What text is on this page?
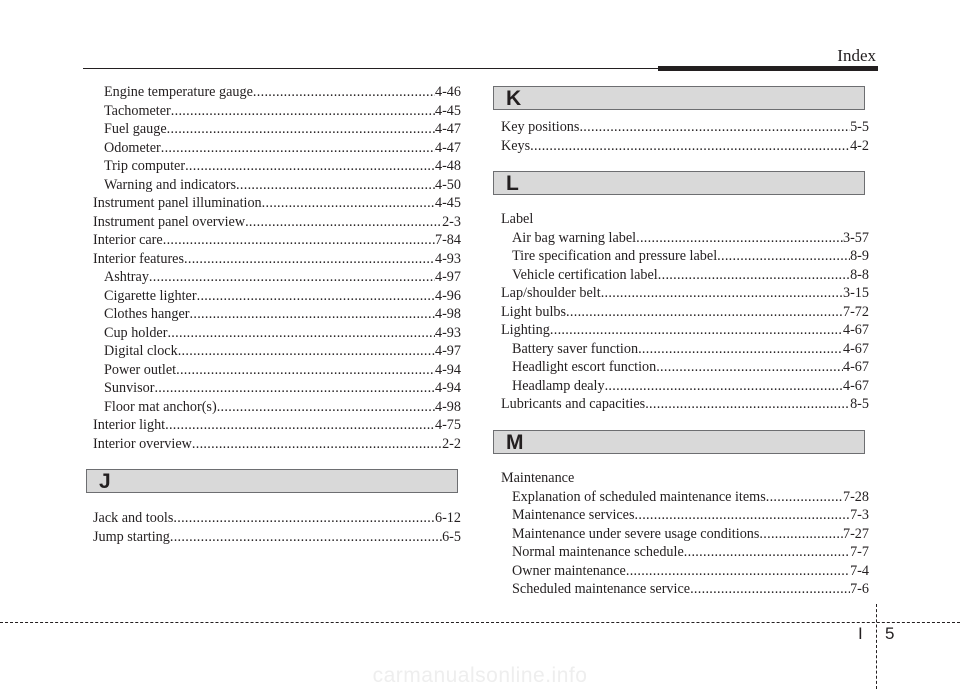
Index
Engine temperature gauge .....	4-46
Tachometer .....	4-45
Fuel gauge .....	4-47
Odometer .....	4-47
Trip computer .....	4-48
Warning and indicators .....	4-50
Instrument panel illumination .....	4-45
Instrument panel overview .....	2-3
Interior care .....	7-84
Interior features .....	4-93
Ashtray .....	4-97
Cigarette lighter .....	4-96
Clothes hanger .....	4-98
Cup holder .....	4-93
Digital clock .....	4-97
Power outlet .....	4-94
Sunvisor .....	4-94
Floor mat anchor(s) .....	4-98
Interior light .....	4-75
Interior overview .....	2-2
J
Jack and tools .....	6-12
Jump starting .....	6-5
K
Key positions .....	5-5
Keys .....	4-2
L
Label
Air bag warning label .....	3-57
Tire specification and pressure label .....	8-9
Vehicle certification label .....	8-8
Lap/shoulder belt .....	3-15
Light bulbs .....	7-72
Lighting .....	4-67
Battery saver function .....	4-67
Headlight escort function .....	4-67
Headlamp dealy .....	4-67
Lubricants and capacities .....	8-5
M
Maintenance
Explanation of scheduled maintenance items .....	7-28
Maintenance services .....	7-3
Maintenance under severe usage conditions .....	7-27
Normal maintenance schedule .....	7-7
Owner maintenance .....	7-4
Scheduled maintenance service .....	7-6
I 5
carmanualsonline.info
